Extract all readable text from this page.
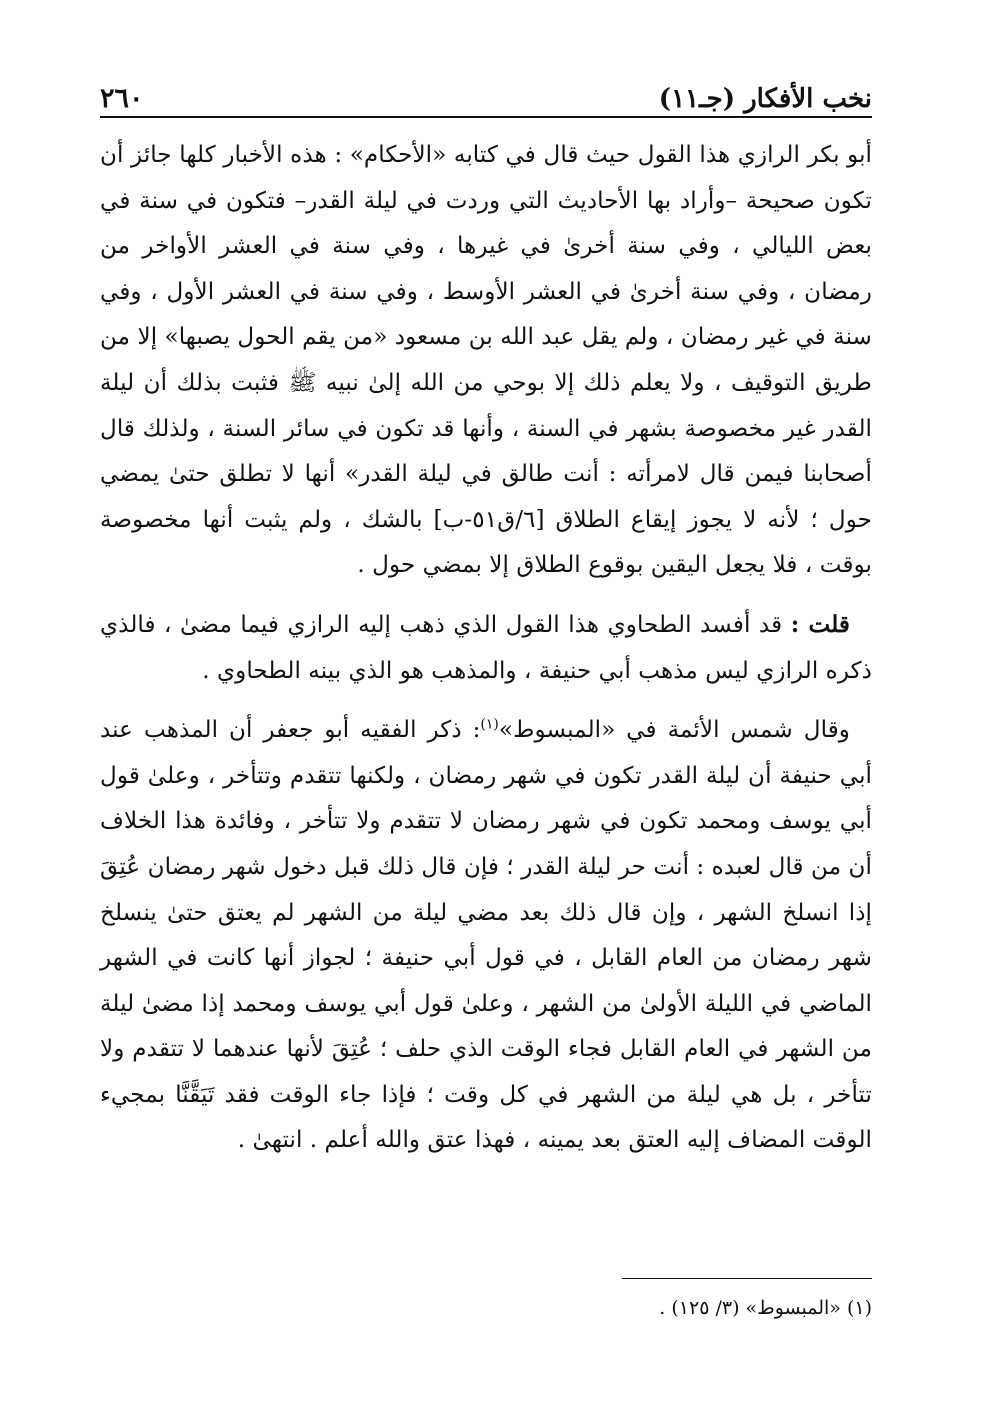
نخب الأفكار (جـ١١)
٢٦٠

أبو بكر الرازي هذا القول حيث قال في كتابه «الأحكام» : هذه الأخبار كلها جائز أن تكون صحيحة –وأراد بها الأحاديث التي وردت في ليلة القدر– فتكون في سنة في بعض الليالي ، وفي سنة أخرىٰ في غيرها ، وفي سنة في العشر الأواخر من رمضان ، وفي سنة أخرىٰ في العشر الأوسط ، وفي سنة في العشر الأول ، وفي سنة في غير رمضان ، ولم يقل عبد الله بن مسعود «من يقم الحول يصبها» إلا من طريق التوقيف ، ولا يعلم ذلك إلا بوحي من الله إلىٰ نبيه ﷺ فثبت بذلك أن ليلة القدر غير مخصوصة بشهر في السنة ، وأنها قد تكون في سائر السنة ، ولذلك قال أصحابنا فيمن قال لامرأته : أنت طالق في ليلة القدر» أنها لا تطلق حتىٰ يمضي حول ؛ لأنه لا يجوز إيقاع الطلاق [٦/ق٥١-ب] بالشك ، ولم يثبت أنها مخصوصة بوقت ، فلا يجعل اليقين بوقوع الطلاق إلا بمضي حول .

قلت : قد أفسد الطحاوي هذا القول الذي ذهب إليه الرازي فيما مضىٰ ، فالذي ذكره الرازي ليس مذهب أبي حنيفة ، والمذهب هو الذي بينه الطحاوي .

وقال شمس الأئمة في «المبسوط»$^{(١)}$: ذكر الفقيه أبو جعفر أن المذهب عند أبي حنيفة أن ليلة القدر تكون في شهر رمضان ، ولكنها تتقدم وتتأخر ، وعلىٰ قول أبي يوسف ومحمد تكون في شهر رمضان لا تتقدم ولا تتأخر ، وفائدة هذا الخلاف أن من قال لعبده : أنت حر ليلة القدر ؛ فإن قال ذلك قبل دخول شهر رمضان عُتِقَ إذا انسلخ الشهر ، وإن قال ذلك بعد مضي ليلة من الشهر لم يعتق حتىٰ ينسلخ شهر رمضان من العام القابل ، في قول أبي حنيفة ؛ لجواز أنها كانت في الشهر الماضي في الليلة الأولىٰ من الشهر ، وعلىٰ قول أبي يوسف ومحمد إذا مضىٰ ليلة من الشهر في العام القابل فجاء الوقت الذي حلف ؛ عُتِقَ لأنها عندهما لا تتقدم ولا تتأخر ، بل هي ليلة من الشهر في كل وقت ؛ فإذا جاء الوقت فقد تَيَقَّنَّا بمجيء الوقت المضاف إليه العتق بعد يمينه ، فهذا عتق والله أعلم . انتهىٰ .

(١) «المبسوط» (٣/ ١٢٥) .
